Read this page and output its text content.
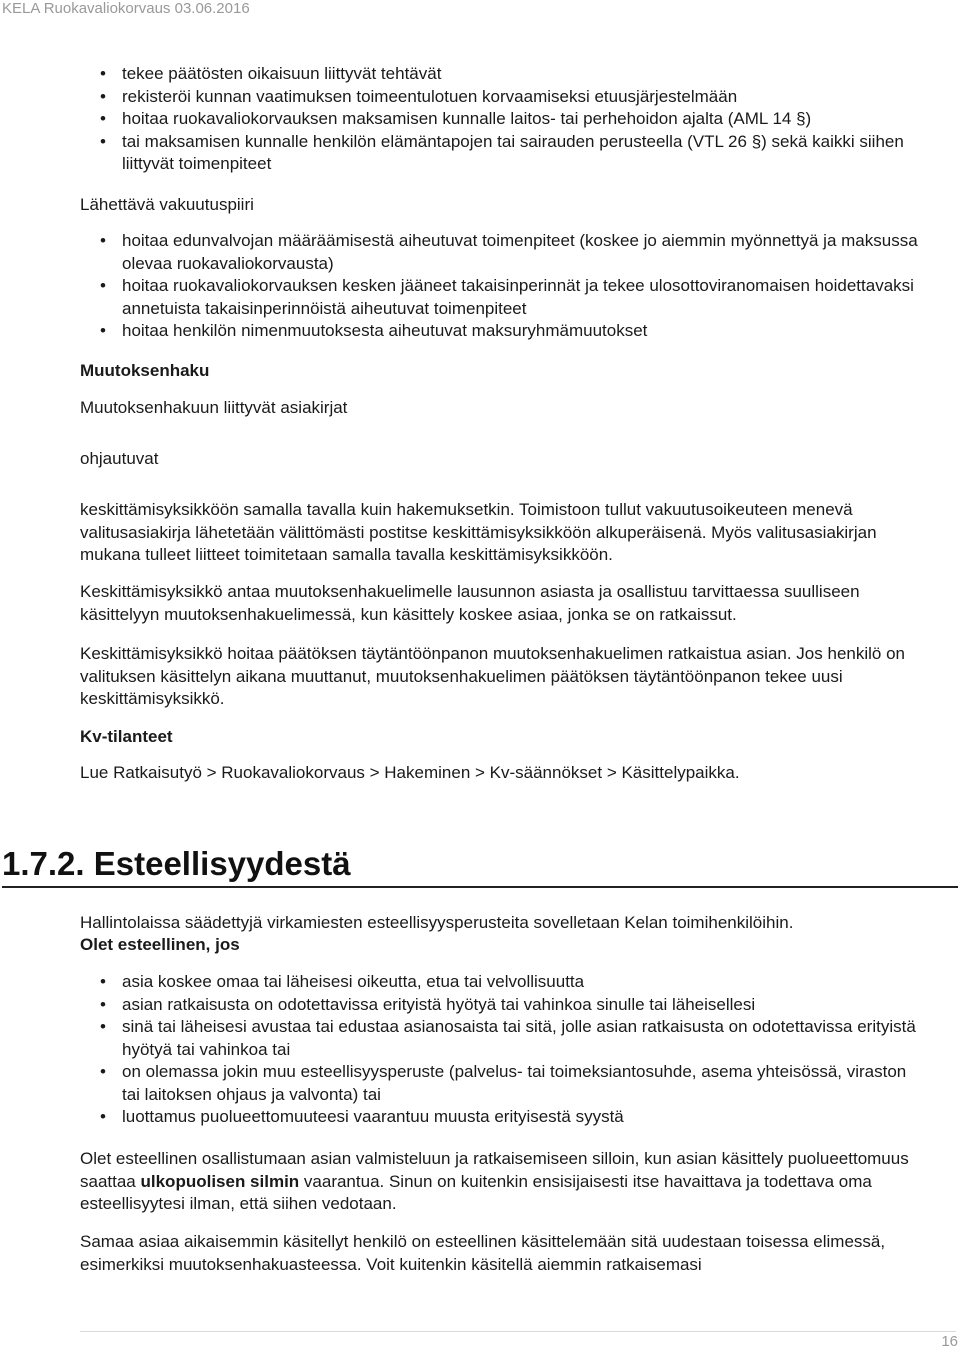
KELA Ruokavaliokorvaus 03.06.2016
• tekee päätösten oikaisuun liittyvät tehtävät
• rekisteröi kunnan vaatimuksen toimeentulotuen korvaamiseksi etuusjärjestelmään
• hoitaa ruokavaliokorvauksen maksamisen kunnalle laitos- tai perhehoidon ajalta (AML 14 §)
• tai maksamisen kunnalle henkilön elämäntapojen tai sairauden perusteella (VTL 26 §) sekä kaikki siihen liittyvät toimenpiteet
Lähettävä vakuutuspiiri
• hoitaa edunvalvojan määräämisestä aiheutuvat toimenpiteet (koskee jo aiemmin myönnettyä ja maksussa olevaa ruokavaliokorvausta)
• hoitaa ruokavaliokorvauksen kesken jääneet takaisinperinnät ja tekee ulosottoviranomaisen hoidettavaksi annetuista takaisinperinnöistä aiheutuvat toimenpiteet
• hoitaa henkilön nimenmuutoksesta aiheutuvat maksuryhmämuutokset
Muutoksenhaku
Muutoksenhakuun liittyvät asiakirjat
ohjautuvat
keskittämisyksikköön samalla tavalla kuin hakemuksetkin. Toimistoon tullut vakuutusoikeuteen menevä valitusasiakirja lähetetään välittömästi postitse keskittämisyksikköön alkuperäisenä. Myös valitusasiakirjan mukana tulleet liitteet toimitetaan samalla tavalla keskittämisyksikköön.
Keskittämisyksikkö antaa muutoksenhakuelimelle lausunnon asiasta ja osallistuu tarvittaessa suulliseen käsittelyyn muutoksenhakuelimessä, kun käsittely koskee asiaa, jonka se on ratkaissut.
Keskittämisyksikkö hoitaa päätöksen täytäntöönpanon muutoksenhakuelimen ratkaistua asian. Jos henkilö on valituksen käsittelyn aikana muuttanut, muutoksenhakuelimen päätöksen täytäntöönpanon tekee uusi keskittämisyksikkö.
Kv-tilanteet
Lue Ratkaisutyö > Ruokavaliokorvaus > Hakeminen > Kv-säännökset > Käsittelypaikka.
1.7.2. Esteellisyydestä
Hallintolaissa säädettyjä virkamiesten esteellisyysperusteita sovelletaan Kelan toimihenkilöihin.
Olet esteellinen, jos
• asia koskee omaa tai läheisesi oikeutta, etua tai velvollisuutta
• asian ratkaisusta on odotettavissa erityistä hyötyä tai vahinkoa sinulle tai läheisellesi
• sinä tai läheisesi avustaa tai edustaa asianosaista tai sitä, jolle asian ratkaisusta on odotettavissa erityistä hyötyä tai vahinkoa tai
• on olemassa jokin muu esteellisyysperuste (palvelus- tai toimeksiantosuhde, asema yhteisössä, viraston tai laitoksen ohjaus ja valvonta) tai
• luottamus puolueettomuuteesi vaarantuu muusta erityisestä syystä
Olet esteellinen osallistumaan asian valmisteluun ja ratkaisemiseen silloin, kun asian käsittely puolueettomuus saattaa ulkopuolisen silmin vaarantua. Sinun on kuitenkin ensisijaisesti itse havaittava ja todettava oma esteellisyytesi ilman, että siihen vedotaan.
Samaa asiaa aikaisemmin käsitellyt henkilö on esteellinen käsittelemään sitä uudestaan toisessa elimessä, esimerkiksi muutoksenhakuasteessa. Voit kuitenkin käsitellä aiemmin ratkaisemasi
16
